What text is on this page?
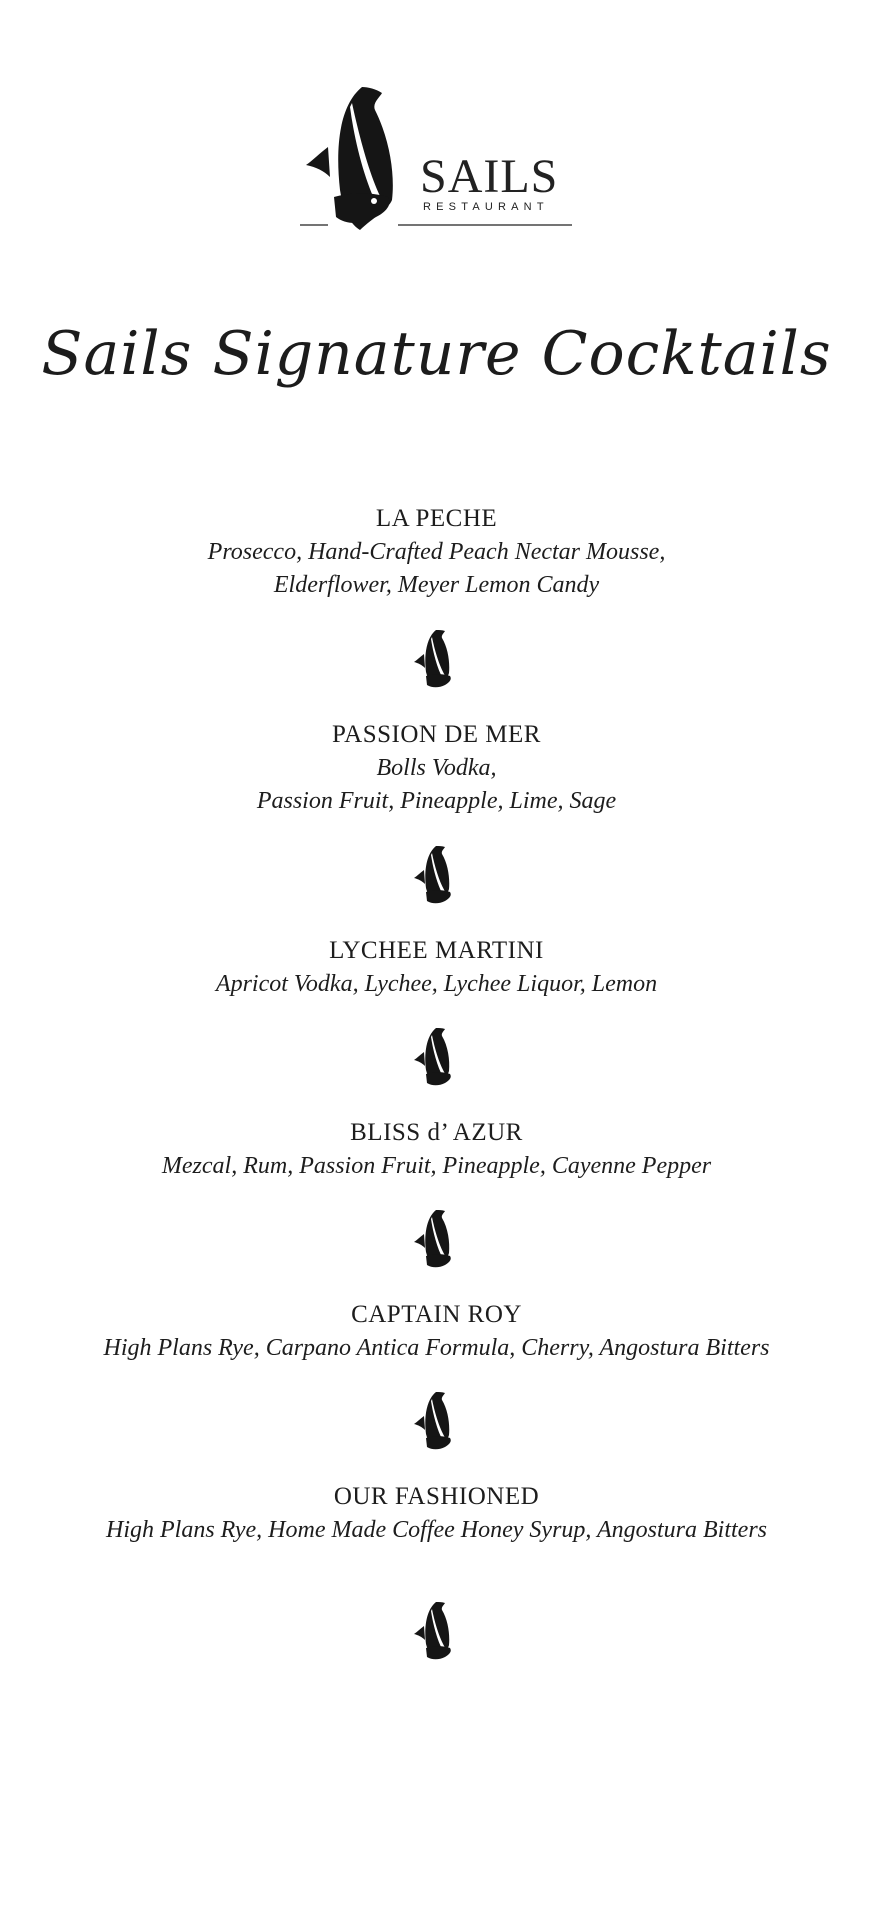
SAILS
RESTAURANT
Sails Signature Cocktails
LA PECHE
Prosecco, Hand-Crafted Peach Nectar Mousse,
Elderflower, Meyer Lemon Candy
PASSION DE MER
Bolls Vodka,
Passion Fruit, Pineapple, Lime, Sage
LYCHEE MARTINI
Apricot Vodka, Lychee, Lychee Liquor, Lemon
BLISS d’ AZUR
Mezcal, Rum, Passion Fruit, Pineapple, Cayenne Pepper
CAPTAIN ROY
High Plans Rye, Carpano Antica Formula, Cherry, Angostura Bitters
OUR FASHIONED
High Plans Rye, Home Made Coffee Honey Syrup, Angostura Bitters
